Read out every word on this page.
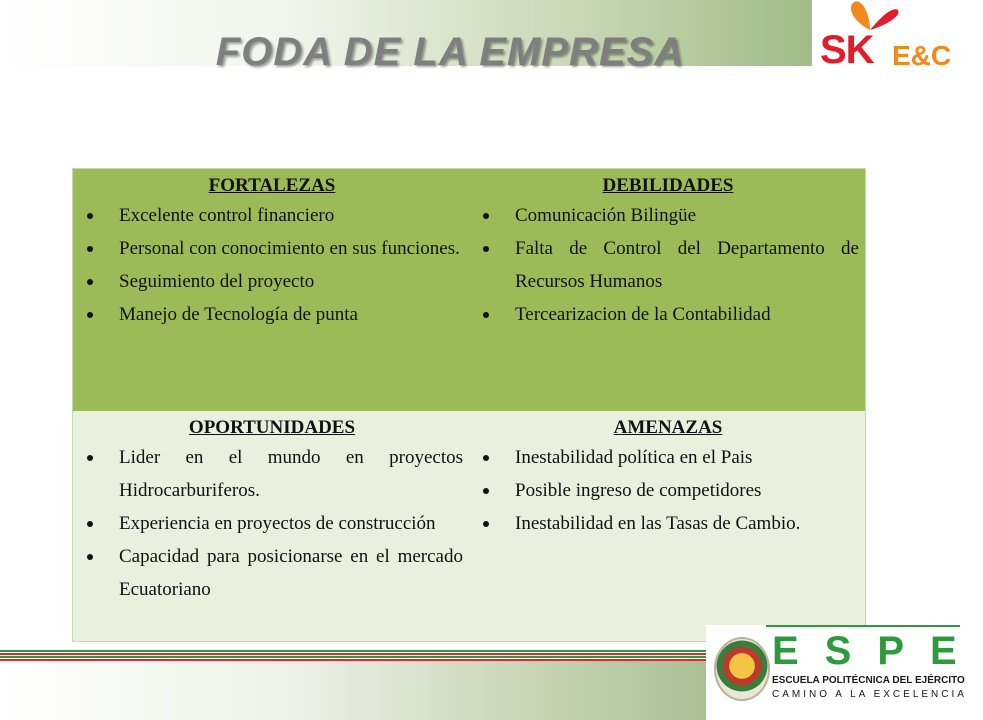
FODA DE LA EMPRESA	SK E&C
FORTALEZAS
Excelente control financiero
Personal con conocimiento en sus funciones.
Seguimiento del proyecto
Manejo de Tecnología de punta
DEBILIDADES
Comunicación Bilingüe
Falta de Control del Departamento de Recursos Humanos
Tercearizacion de la Contabilidad
OPORTUNIDADES
Lider en el mundo en proyectos Hidrocarburiferos.
Experiencia en proyectos de construcción
Capacidad para posicionarse en el mercado Ecuatoriano
AMENAZAS
Inestabilidad política en el Pais
Posible ingreso de competidores
Inestabilidad en las Tasas de Cambio.
ESPE
ESCUELA POLITÉCNICA DEL EJÉRCITO
CAMINO A LA EXCELENCIA
